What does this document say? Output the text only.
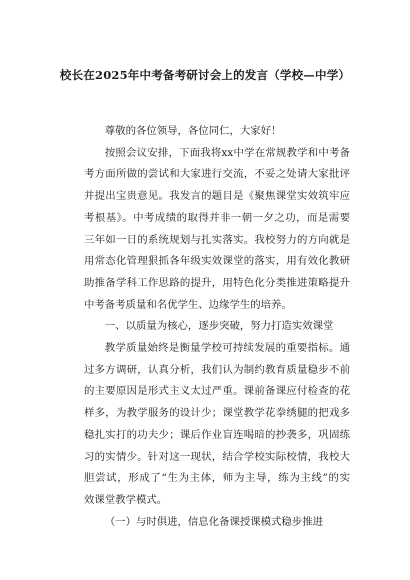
校长在2025年中考备考研讨会上的发言（学校—中学）

尊敬的各位领导，各位同仁，大家好！

按照会议安排，下面我将xx中学在常规教学和中考备
考方面所做的尝试和大家进行交流，不妥之处请大家批评
并提出宝贵意见。我发言的题目是《聚焦课堂实效筑牢应
考根基》。中考成绩的取得并非一朝一夕之功，而是需要
三年如一日的系统规划与扎实落实。我校努力的方向就是
用常态化管理狠抓各年级实效课堂的落实，用有效化教研
助推备学科工作思路的提升，用特色化分类推进策略提升
中考备考质量和名优学生、边缘学生的培养。

一、以质量为核心，逐步突破，努力打造实效课堂

教学质量始终是衡量学校可持续发展的重要指标。通
过多方调研，认真分析，我们认为制约教育质量稳步不前
的主要原因是形式主义太过严重。课前备课应付检查的花
样多，为教学服务的设计少；课堂教学花拳绣腿的把戏多
稳扎实打的功夫少；课后作业盲连喝暗的抄袭多，巩固练
习的实情少。针对这一现状，结合学校实际校情，我校大
胆尝试，形成了“生为主体，师为主导，练为主线”的实
效课堂教学模式。

（一）与时俱进，信息化备课授课模式稳步推进
